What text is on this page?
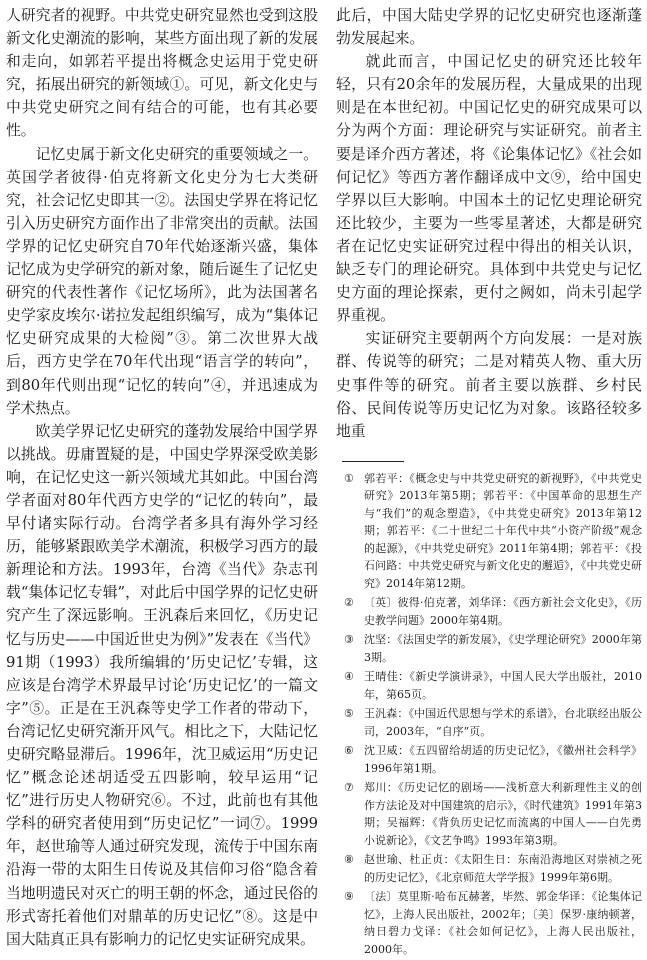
人研究者的视野。中共党史研究显然也受到这股新文化史潮流的影响，某些方面出现了新的发展和走向，如郭若平提出将概念史运用于党史研究，拓展出研究的新领域①。可见，新文化史与中共党史研究之间有结合的可能，也有其必要性。

记忆史属于新文化史研究的重要领域之一。英国学者彼得·伯克将新文化史分为七大类研究，社会记忆史即其一②。法国史学界在将记忆引入历史研究方面作出了非常突出的贡献。法国学界的记忆史研究自70年代始逐渐兴盛，集体记忆成为史学研究的新对象，随后诞生了记忆史研究的代表性著作《记忆场所》，此为法国著名史学家皮埃尔·诺拉发起组织编写，成为“集体记忆史研究成果的大检阅”③。第二次世界大战后，西方史学在70年代出现“语言学的转向”，到80年代则出现“记忆的转向”④，并迅速成为学术热点。

欧美学界记忆史研究的蓬勃发展给中国学界以挑战。毋庸置疑的是，中国史学界深受欧美影响，在记忆史这一新兴领域尤其如此。中国台湾学者面对80年代西方史学的“记忆的转向”，最早付诸实际行动。台湾学者多具有海外学习经历，能够紧跟欧美学术潮流，积极学习西方的最新理论和方法。1993年，台湾《当代》杂志刊载“集体记忆专辑”，对此后中国学界的记忆史研究产生了深远影响。王汎森后来回忆，《历史记忆与历史——中国近世史为例》”发表在《当代》91期（1993）我所编辑的‘历史记忆’专辑，这应该是台湾学术界最早讨论‘历史记忆’的一篇文字”⑤。正是在王汎森等史学工作者的带动下，台湾记忆史研究渐开风气。相比之下，大陆记忆史研究略显滞后。1996年，沈卫威运用“历史记忆”概念论述胡适受五四影响，较早运用“记忆”进行历史人物研究⑥。不过，此前也有其他学科的研究者使用到“历史记忆”一词⑦。1999年，赵世瑜等人通过研究发现，流传于中国东南沿海一带的太阳生日传说及其信仰习俗“隐含着当地明遗民对灭亡的明王朝的怀念，通过民俗的形式寄托着他们对鼎革的历史记忆”⑧。这是中国大陆真正具有影响力的记忆史实证研究成果。

此后，中国大陆史学界的记忆史研究也逐渐蓬勃发展起来。

就此而言，中国记忆史的研究还比较年轻，只有20余年的发展历程，大量成果的出现则是在本世纪初。中国记忆史的研究成果可以分为两个方面：理论研究与实证研究。前者主要是译介西方著述，将《论集体记忆》《社会如何记忆》等西方著作翻译成中文⑨，给中国史学界以巨大影响。中国本土的记忆史理论研究还比较少，主要为一些零星著述，大都是研究者在记忆史实证研究过程中得出的相关认识，缺乏专门的理论研究。具体到中共党史与记忆史方面的理论探索，更付之阙如，尚未引起学界重视。

实证研究主要朝两个方向发展：一是对族群、传说等的研究；二是对精英人物、重大历史事件等的研究。前者主要以族群、乡村民俗、民间传说等历史记忆为对象。该路径较多地重

① 郭若平：《概念史与中共党史研究的新视野》，《中共党史研究》2013年第5期；郭若平：《中国革命的思想生产与“我们”的观念塑造》，《中共党史研究》2013年第12期；郭若平：《二十世纪二十年代中共“小资产阶级”观念的起源》，《中共党史研究》2011年第4期；郭若平：《投石问路：中共党史研究与新文化史的邂逅》，《中共党史研究》2014年第12期。
② 〔英〕彼得·伯克著，刘华译：《西方新社会文化史》，《历史教学问题》2000年第4期。
③ 沈坚：《法国史学的新发展》，《史学理论研究》2000年第3期。
④ 王晴佳：《新史学演讲录》，中国人民大学出版社，2010年，第65页。
⑤ 王汎森：《中国近代思想与学术的系谱》，台北联经出版公司，2003年，“自序”页。
⑥ 沈卫威：《五四留给胡适的历史记忆》，《徽州社会科学》1996年第1期。
⑦ 郑川：《历史记忆的剧场——浅析意大利新理性主义的创作方法论及对中国建筑的启示》，《时代建筑》1991年第3期；吴福辉：《背负历史记忆而流离的中国人——白先勇小说新论》，《文艺争鸣》1993年第3期。
⑧ 赵世瑜、杜正贞：《太阳生日：东南沿海地区对崇祯之死的历史记忆》，《北京师范大学学报》1999年第6期。
⑨ 〔法〕莫里斯·哈布瓦赫著，毕然、郭金华译：《论集体记忆》，上海人民出版社，2002年；〔美〕保罗·康纳顿著，纳日碧力戈译：《社会如何记忆》，上海人民出版社，2000年。
